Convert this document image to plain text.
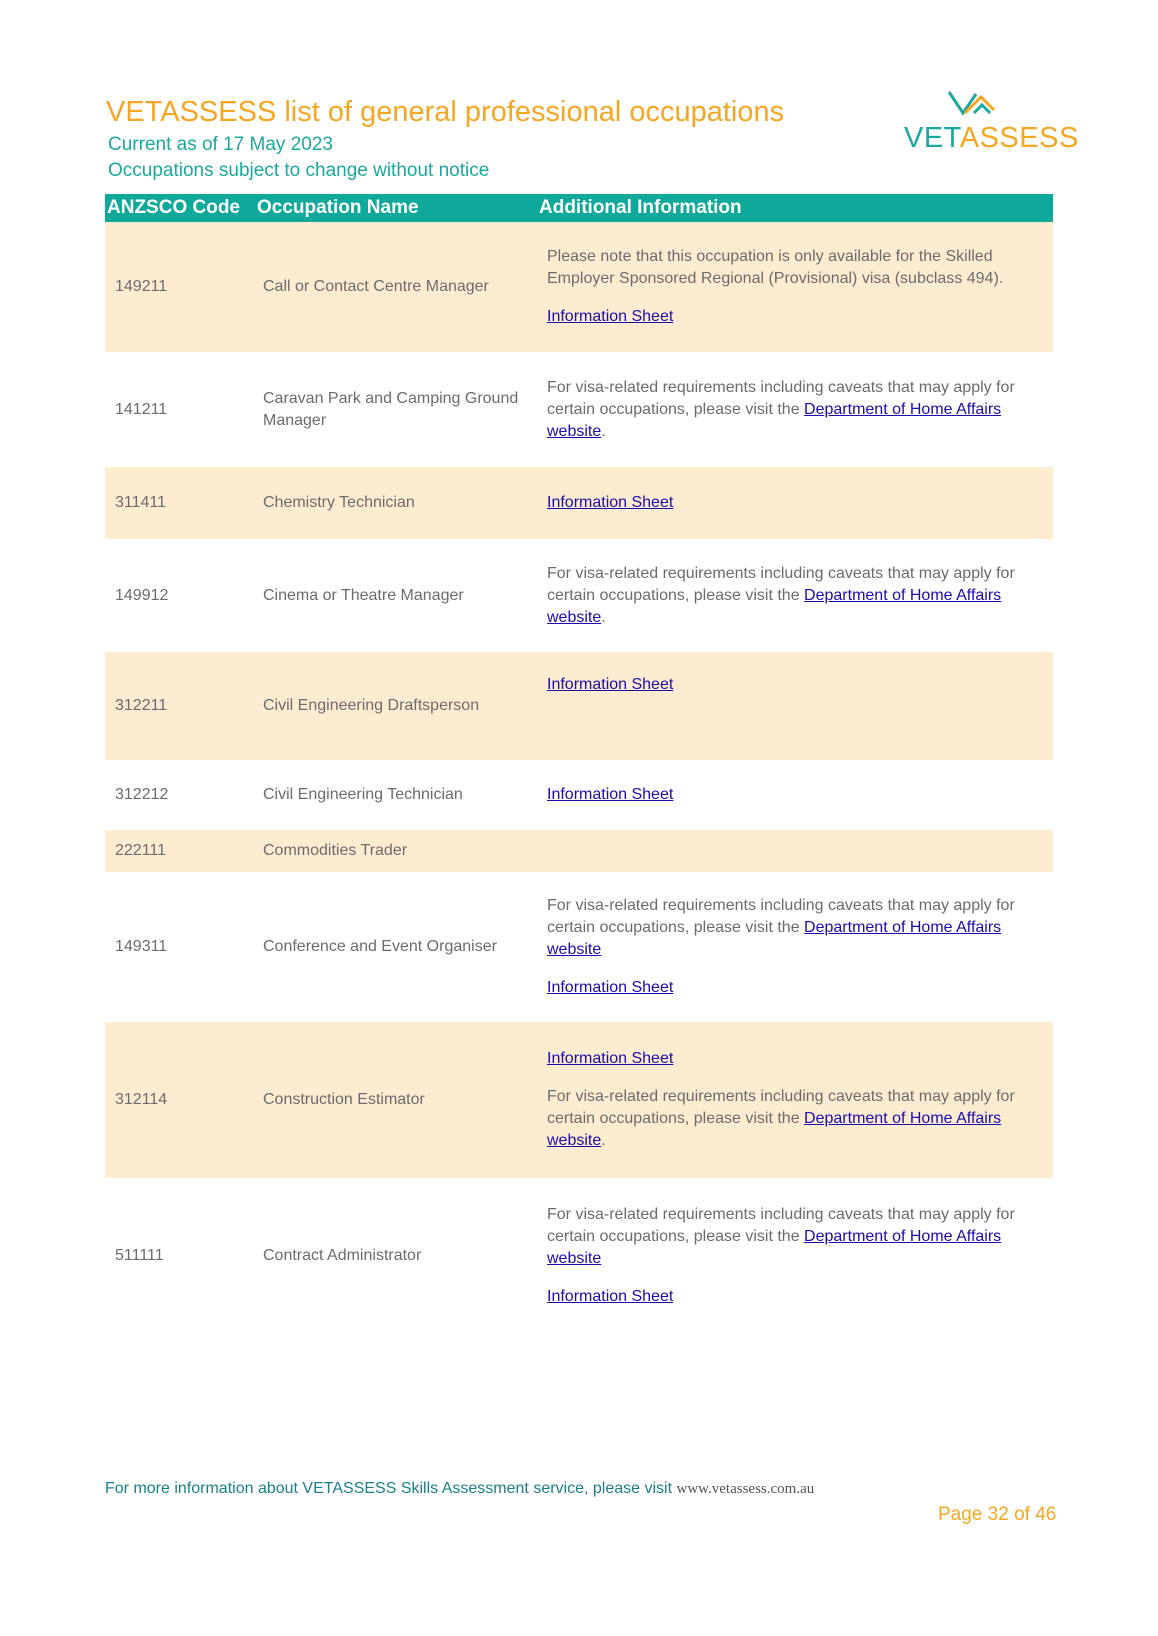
VETASSESS list of general professional occupations
Current as of 17 May 2023
Occupations subject to change without notice
VETASSESS
ANZSCO Code	Occupation Name	Additional Information
149211	Call or Contact Centre Manager	Please note that this occupation is only available for the Skilled Employer Sponsored Regional (Provisional) visa (subclass 494).

Information Sheet

141211	Caravan Park and Camping Ground Manager	For visa-related requirements including caveats that may apply for certain occupations, please visit the Department of Home Affairs website.

311411	Chemistry Technician	Information Sheet

149912	Cinema or Theatre Manager	For visa-related requirements including caveats that may apply for certain occupations, please visit the Department of Home Affairs website.

312211	Civil Engineering Draftsperson	Information Sheet

312212	Civil Engineering Technician	Information Sheet

222111	Commodities Trader	
149311	Conference and Event Organiser	For visa-related requirements including caveats that may apply for certain occupations, please visit the Department of Home Affairs website

Information Sheet

312114	Construction Estimator	Information Sheet

For visa-related requirements including caveats that may apply for certain occupations, please visit the Department of Home Affairs website.

511111	Contract Administrator	For visa-related requirements including caveats that may apply for certain occupations, please visit the Department of Home Affairs website

Information Sheet

For more information about VETASSESS Skills Assessment service, please visit www.vetassess.com.au
Page 32 of 46
